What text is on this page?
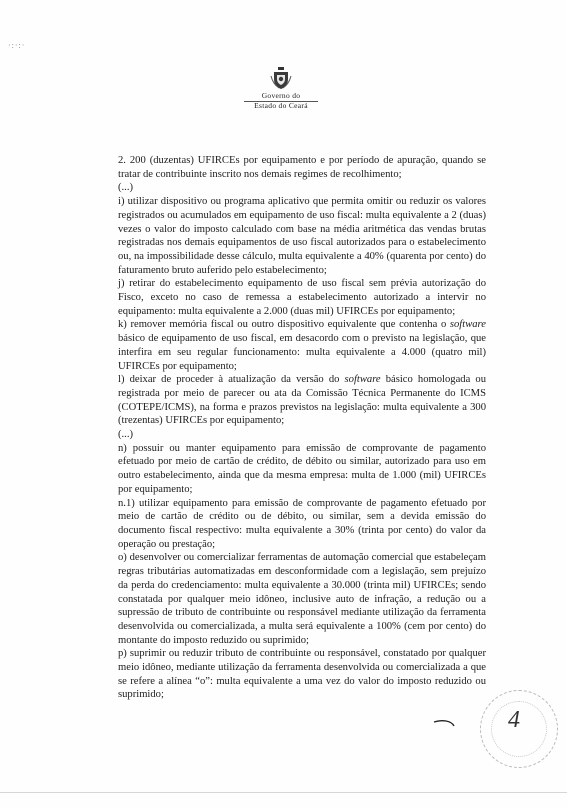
·:·:·
Governo do
Estado do Ceará

2. 200 (duzentas) UFIRCEs por equipamento e por período de apuração, quando se tratar de contribuinte inscrito nos demais regimes de recolhimento;

(...)

i) utilizar dispositivo ou programa aplicativo que permita omitir ou reduzir os valores registrados ou acumulados em equipamento de uso fiscal: multa equivalente a 2 (duas) vezes o valor do imposto calculado com base na média aritmética das vendas brutas registradas nos demais equipamentos de uso fiscal autorizados para o estabelecimento ou, na impossibilidade desse cálculo, multa equivalente a 40% (quarenta por cento) do faturamento bruto auferido pelo estabelecimento;

j) retirar do estabelecimento equipamento de uso fiscal sem prévia autorização do Fisco, exceto no caso de remessa a estabelecimento autorizado a intervir no equipamento: multa equivalente a 2.000 (duas mil) UFIRCEs por equipamento;

k) remover memória fiscal ou outro dispositivo equivalente que contenha o software básico de equipamento de uso fiscal, em desacordo com o previsto na legislação, que interfira em seu regular funcionamento: multa equivalente a 4.000 (quatro mil) UFIRCEs por equipamento;

l) deixar de proceder à atualização da versão do software básico homologada ou registrada por meio de parecer ou ata da Comissão Técnica Permanente do ICMS (COTEPE/ICMS), na forma e prazos previstos na legislação: multa equivalente a 300 (trezentas) UFIRCEs por equipamento;

(...)

n) possuir ou manter equipamento para emissão de comprovante de pagamento efetuado por meio de cartão de crédito, de débito ou similar, autorizado para uso em outro estabelecimento, ainda que da mesma empresa: multa de 1.000 (mil) UFIRCEs por equipamento;

n.1) utilizar equipamento para emissão de comprovante de pagamento efetuado por meio de cartão de crédito ou de débito, ou similar, sem a devida emissão do documento fiscal respectivo: multa equivalente a 30% (trinta por cento) do valor da operação ou prestação;

o) desenvolver ou comercializar ferramentas de automação comercial que estabeleçam regras tributárias automatizadas em desconformidade com a legislação, sem prejuízo da perda do credenciamento: multa equivalente a 30.000 (trinta mil) UFIRCEs; sendo constatada por qualquer meio idôneo, inclusive auto de infração, a redução ou a supressão de tributo de contribuinte ou responsável mediante utilização da ferramenta desenvolvida ou comercializada, a multa será equivalente a 100% (cem por cento) do montante do imposto reduzido ou suprimido;

p) suprimir ou reduzir tributo de contribuinte ou responsável, constatado por qualquer meio idôneo, mediante utilização da ferramenta desenvolvida ou comercializada a que se refere a alínea “o”: multa equivalente a uma vez do valor do imposto reduzido ou suprimido;

4
